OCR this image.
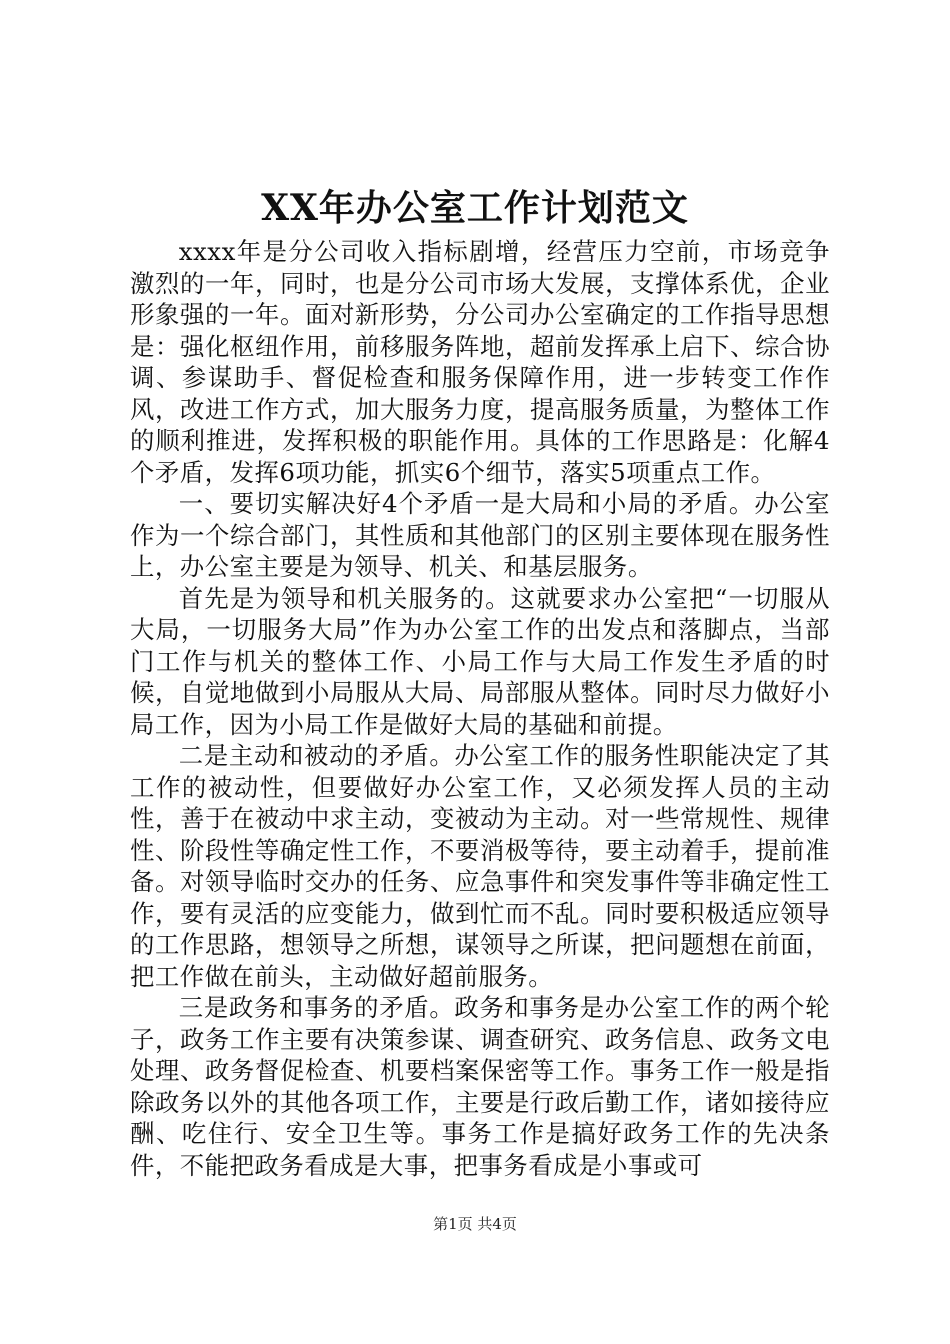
XX年办公室工作计划范文

xxxx年是分公司收入指标剧增，经营压力空前，市场竞争激烈的一年，同时，也是分公司市场大发展，支撑体系优，企业形象强的一年。面对新形势，分公司办公室确定的工作指导思想是：强化枢纽作用，前移服务阵地，超前发挥承上启下、综合协调、参谋助手、督促检查和服务保障作用，进一步转变工作作风，改进工作方式，加大服务力度，提高服务质量，为整体工作的顺利推进，发挥积极的职能作用。具体的工作思路是：化解4个矛盾，发挥6项功能，抓实6个细节，落实5项重点工作。

一、要切实解决好4个矛盾一是大局和小局的矛盾。办公室作为一个综合部门，其性质和其他部门的区别主要体现在服务性上，办公室主要是为领导、机关、和基层服务。

首先是为领导和机关服务的。这就要求办公室把“一切服从大局，一切服务大局”作为办公室工作的出发点和落脚点，当部门工作与机关的整体工作、小局工作与大局工作发生矛盾的时候，自觉地做到小局服从大局、局部服从整体。同时尽力做好小局工作，因为小局工作是做好大局的基础和前提。

二是主动和被动的矛盾。办公室工作的服务性职能决定了其工作的被动性，但要做好办公室工作，又必须发挥人员的主动性，善于在被动中求主动，变被动为主动。对一些常规性、规律性、阶段性等确定性工作，不要消极等待，要主动着手，提前准备。对领导临时交办的任务、应急事件和突发事件等非确定性工作，要有灵活的应变能力，做到忙而不乱。同时要积极适应领导的工作思路，想领导之所想，谋领导之所谋，把问题想在前面，把工作做在前头，主动做好超前服务。

三是政务和事务的矛盾。政务和事务是办公室工作的两个轮子，政务工作主要有决策参谋、调查研究、政务信息、政务文电处理、政务督促检查、机要档案保密等工作。事务工作一般是指除政务以外的其他各项工作，主要是行政后勤工作，诸如接待应酬、吃住行、安全卫生等。事务工作是搞好政务工作的先决条件，不能把政务看成是大事，把事务看成是小事或可

第1页 共4页
